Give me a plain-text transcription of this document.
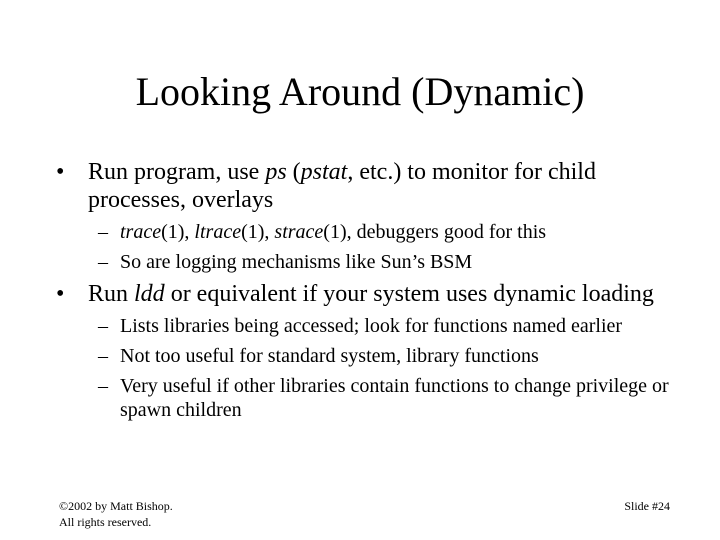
Looking Around (Dynamic)
• Run program, use ps (pstat, etc.) to monitor for child processes, overlays
– trace(1), ltrace(1), strace(1), debuggers good for this
– So are logging mechanisms like Sun’s BSM
• Run ldd or equivalent if your system uses dynamic loading
– Lists libraries being accessed; look for functions named earlier
– Not too useful for standard system, library functions
– Very useful if other libraries contain functions to change privilege or spawn children
©2002 by Matt Bishop.
All rights reserved.
Slide #24
